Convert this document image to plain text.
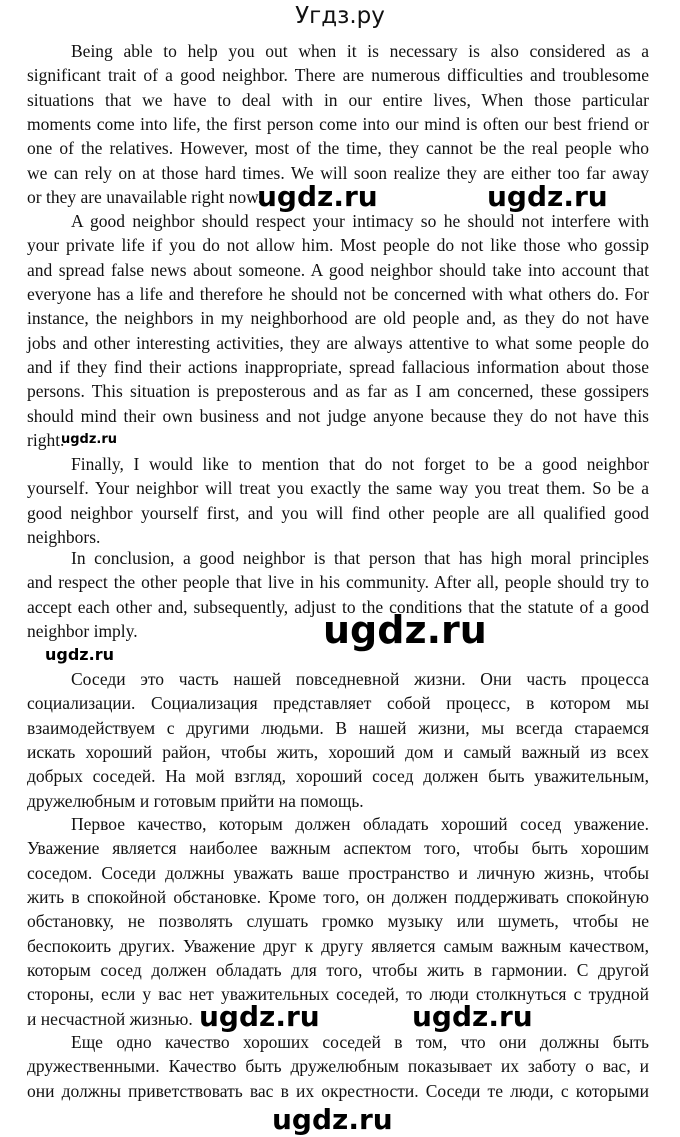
Угдз.ру
Being able to help you out when it is necessary is also considered as a
significant trait of a good neighbor. There are numerous difficulties and troublesome
situations that we have to deal with in our entire lives, When those particular
moments come into life, the first person come into our mind is often our best friend or
one of the relatives. However, most of the time, they cannot be the real people who
we can rely on at those hard times. We will soon realize they are either too far away
or they are unavailable right now.
A good neighbor should respect your intimacy so he should not interfere with
your private life if you do not allow him. Most people do not like those who gossip
and spread false news about someone. A good neighbor should take into account that
everyone has a life and therefore he should not be concerned with what others do. For
instance, the neighbors in my neighborhood are old people and, as they do not have
jobs and other interesting activities, they are always attentive to what some people do
and if they find their actions inappropriate, spread fallacious information about those
persons. This situation is preposterous and as far as I am concerned, these gossipers
should mind their own business and not judge anyone because they do not have this
right.
Finally, I would like to mention that do not forget to be a good neighbor
yourself. Your neighbor will treat you exactly the same way you treat them. So be a
good neighbor yourself first, and you will find other people are all qualified good
neighbors.
In conclusion, a good neighbor is that person that has high moral principles
and respect the other people that live in his community. After all, people should try to
accept each other and, subsequently, adjust to the conditions that the statute of a good
neighbor imply.
Соседи это часть нашей повседневной жизни. Они часть процесса
социализации. Социализация представляет собой процесс, в котором мы
взаимодействуем с другими людьми. В нашей жизни, мы всегда стараемся
искать хороший район, чтобы жить, хороший дом и самый важный из всех
добрых соседей. На мой взгляд, хороший сосед должен быть уважительным,
дружелюбным и готовым прийти на помощь.
Первое качество, которым должен обладать хороший сосед уважение.
Уважение является наиболее важным аспектом того, чтобы быть хорошим
соседом. Соседи должны уважать ваше пространство и личную жизнь, чтобы
жить в спокойной обстановке. Кроме того, он должен поддерживать спокойную
обстановку, не позволять слушать громко музыку или шуметь, чтобы не
беспокоить других. Уважение друг к другу является самым важным качеством,
которым сосед должен обладать для того, чтобы жить в гармонии. С другой
стороны, если у вас нет уважительных соседей, то люди столкнуться с трудной
и несчастной жизнью.
Еще одно качество хороших соседей в том, что они должны быть
дружественными. Качество быть дружелюбным показывает их заботу о вас, и
они должны приветствовать вас в их окрестности. Соседи те люди, с которыми
ugdz.ru	ugdz.ru
ugdz.ru
ugdz.ru
ugdz.ru
ugdz.ru	ugdz.ru
ugdz.ru
